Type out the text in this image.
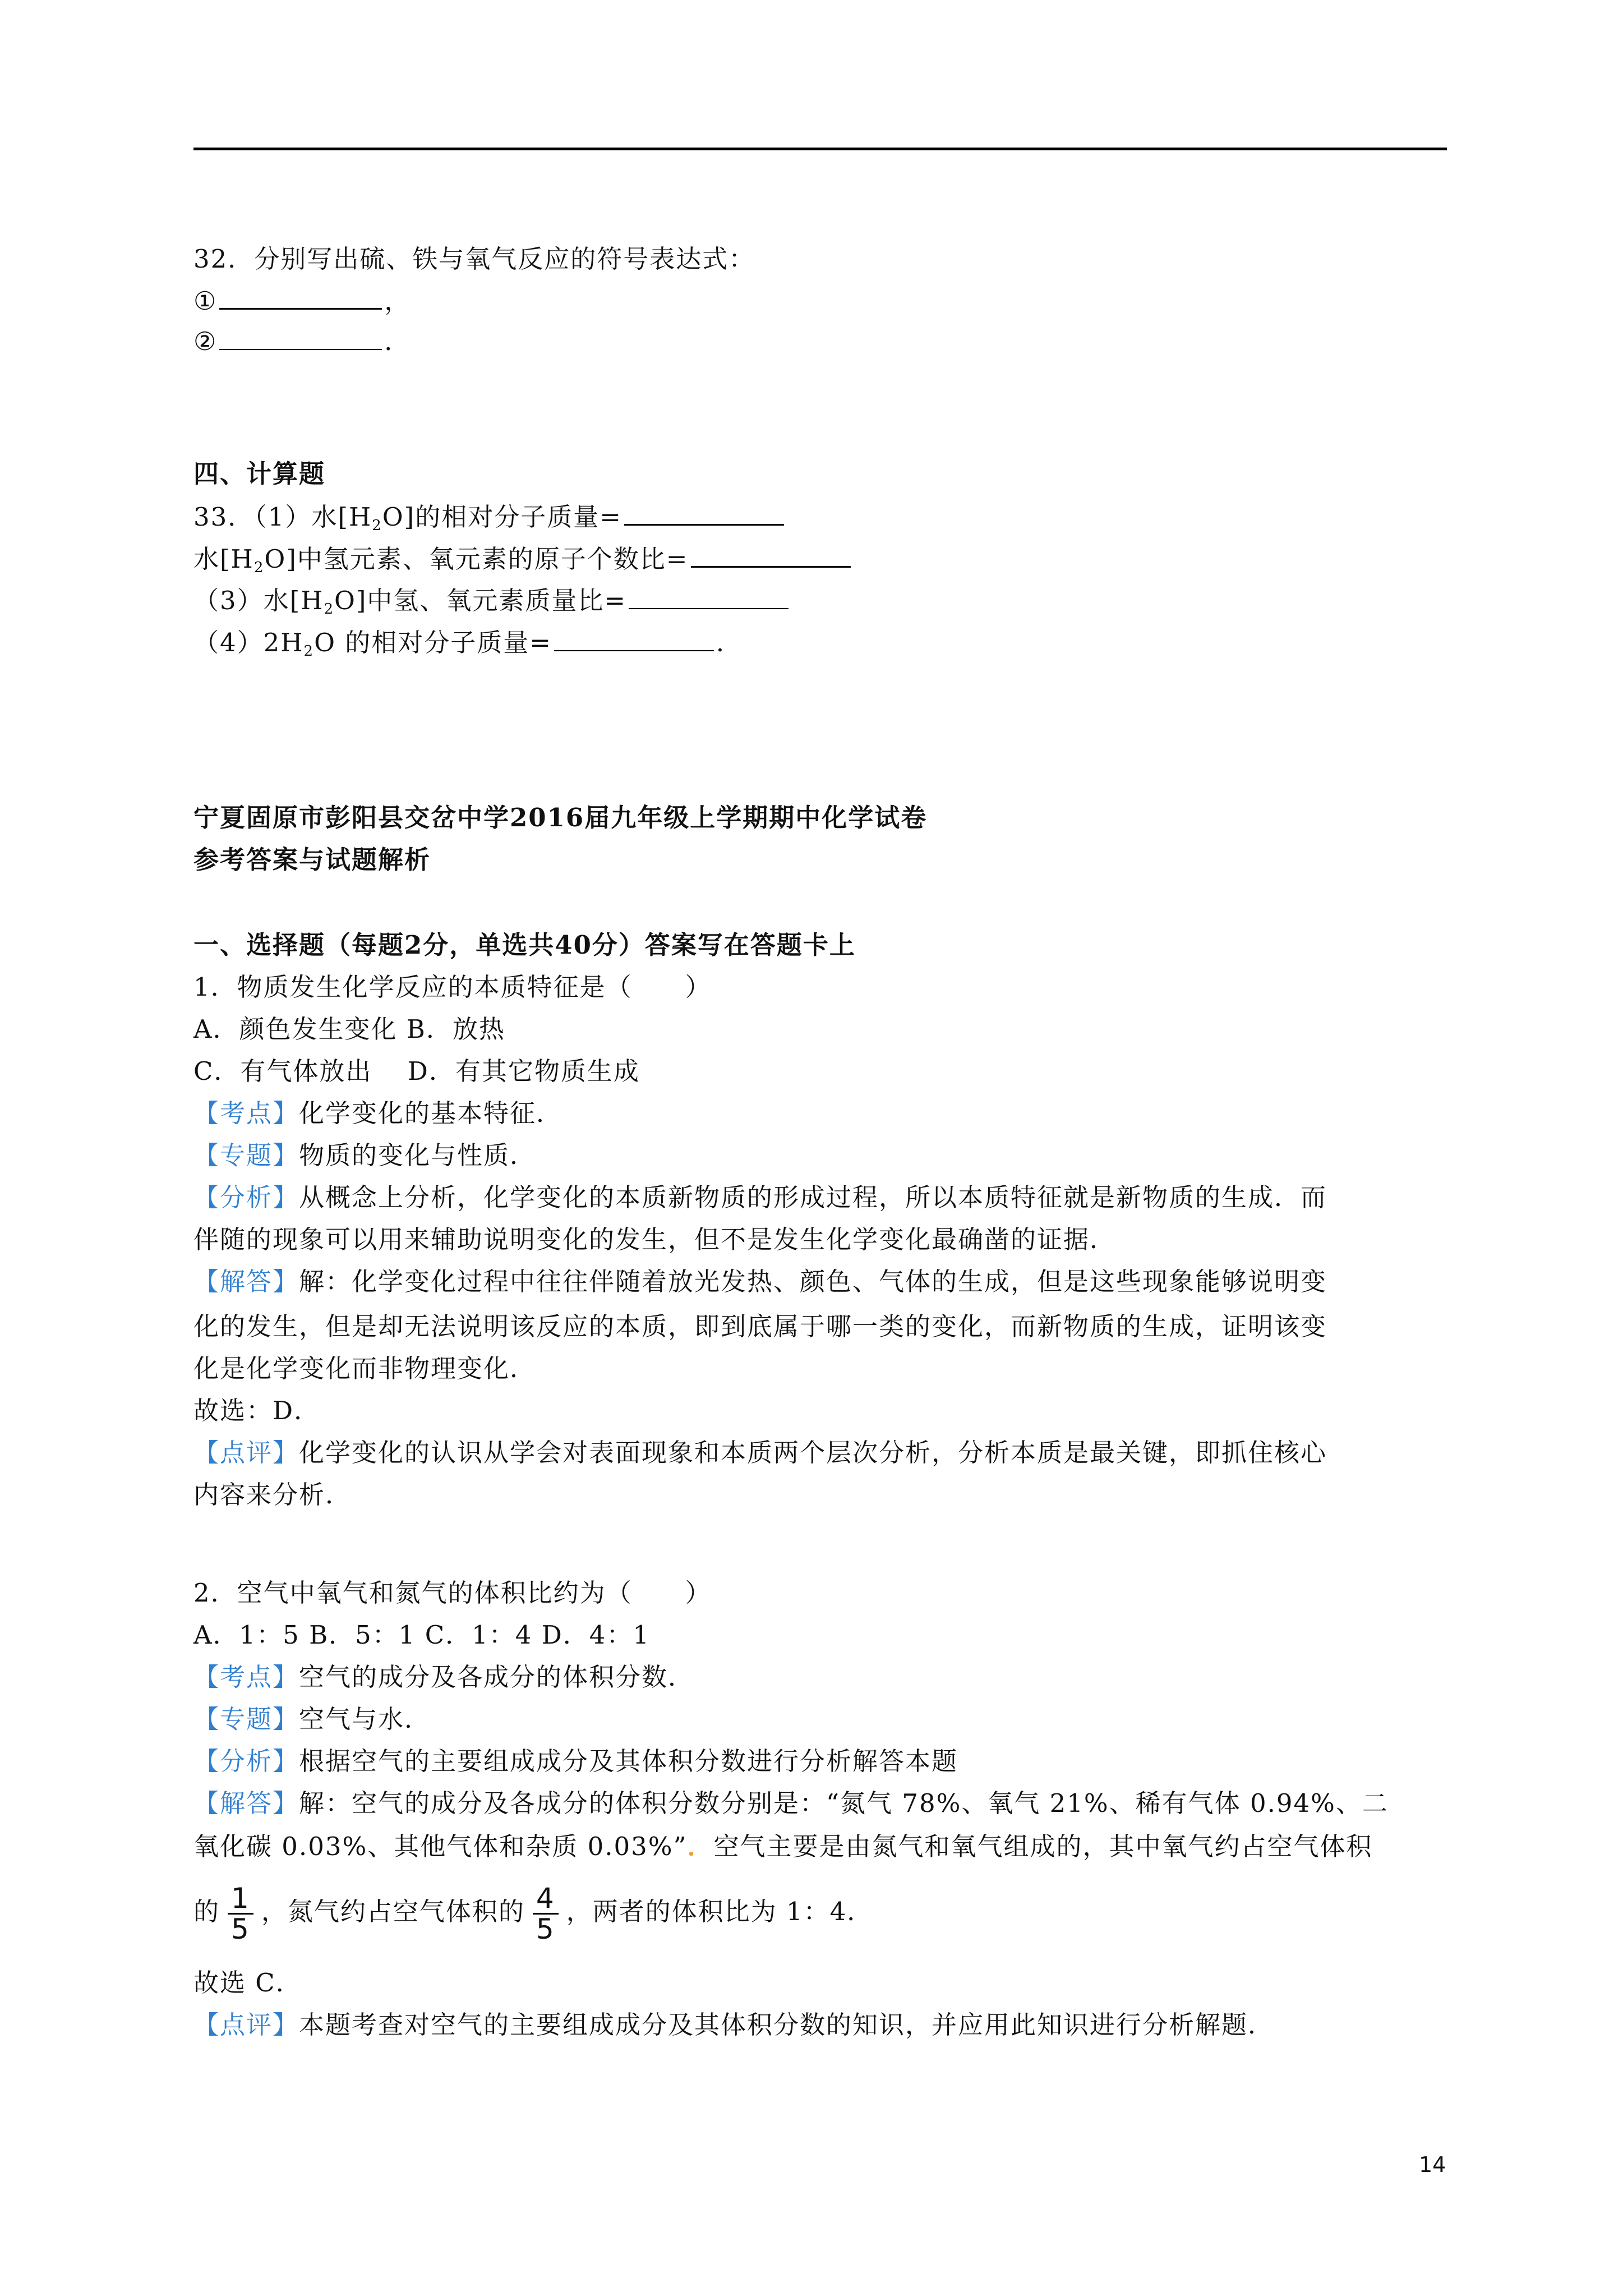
32．分别写出硫、铁与氧气反应的符号表达式：
①	，
②	．
四、计算题
33．（1）水$[H_2O]$的相对分子质量=
水$[H_2O]$中氢元素、氧元素的原子个数比=
（3）水$[H_2O]$中氢、氧元素质量比=
$(4)2H_2O$ 的相对分子质量=	．
宁夏固原市彭阳县交岔中学2016届九年级上学期期中化学试卷
参考答案与试题解析
一、选择题（每题2分，单选共40分）答案写在答题卡上
1．物质发生化学反应的本质特征是（　　）
A．颜色发生变化 B．放热
C．有气体放出　 D．有其它物质生成
【考点】化学变化的基本特征．
【专题】物质的变化与性质．
【分析】从概念上分析，化学变化的本质新物质的形成过程，所以本质特征就是新物质的生成．而
伴随的现象可以用来辅助说明变化的发生，但不是发生化学变化最确凿的证据．
【解答】解：化学变化过程中往往伴随着放光发热、颜色、气体的生成，但是这些现象能够说明变
化的发生，但是却无法说明该反应的本质，即到底属于哪一类的变化，而新物质的生成，证明该变
化是化学变化而非物理变化．
故选：D．
【点评】化学变化的认识从学会对表面现象和本质两个层次分析，分析本质是最关键，即抓住核心
内容来分析．
2．空气中氧气和氮气的体积比约为（　　）
A．1：5 B．5：1 C．1：4 D．4：1
【考点】空气的成分及各成分的体积分数．
【专题】空气与水．
【分析】根据空气的主要组成成分及其体积分数进行分析解答本题
【解答】解：空气的成分及各成分的体积分数分别是：“氮气 78%、氧气 21%、稀有气体 0.94%、二
氧化碳 0.03%、其他气体和杂质 0.03%”．空气主要是由氮气和氧气组成的，其中氧气约占空气体积
的 $\frac{1}{5}$ ，氮气约占空气体积的 $\frac{4}{5}$ ，两者的体积比为 1：4．
故选 C．
【点评】本题考查对空气的主要组成成分及其体积分数的知识，并应用此知识进行分析解题．
14
